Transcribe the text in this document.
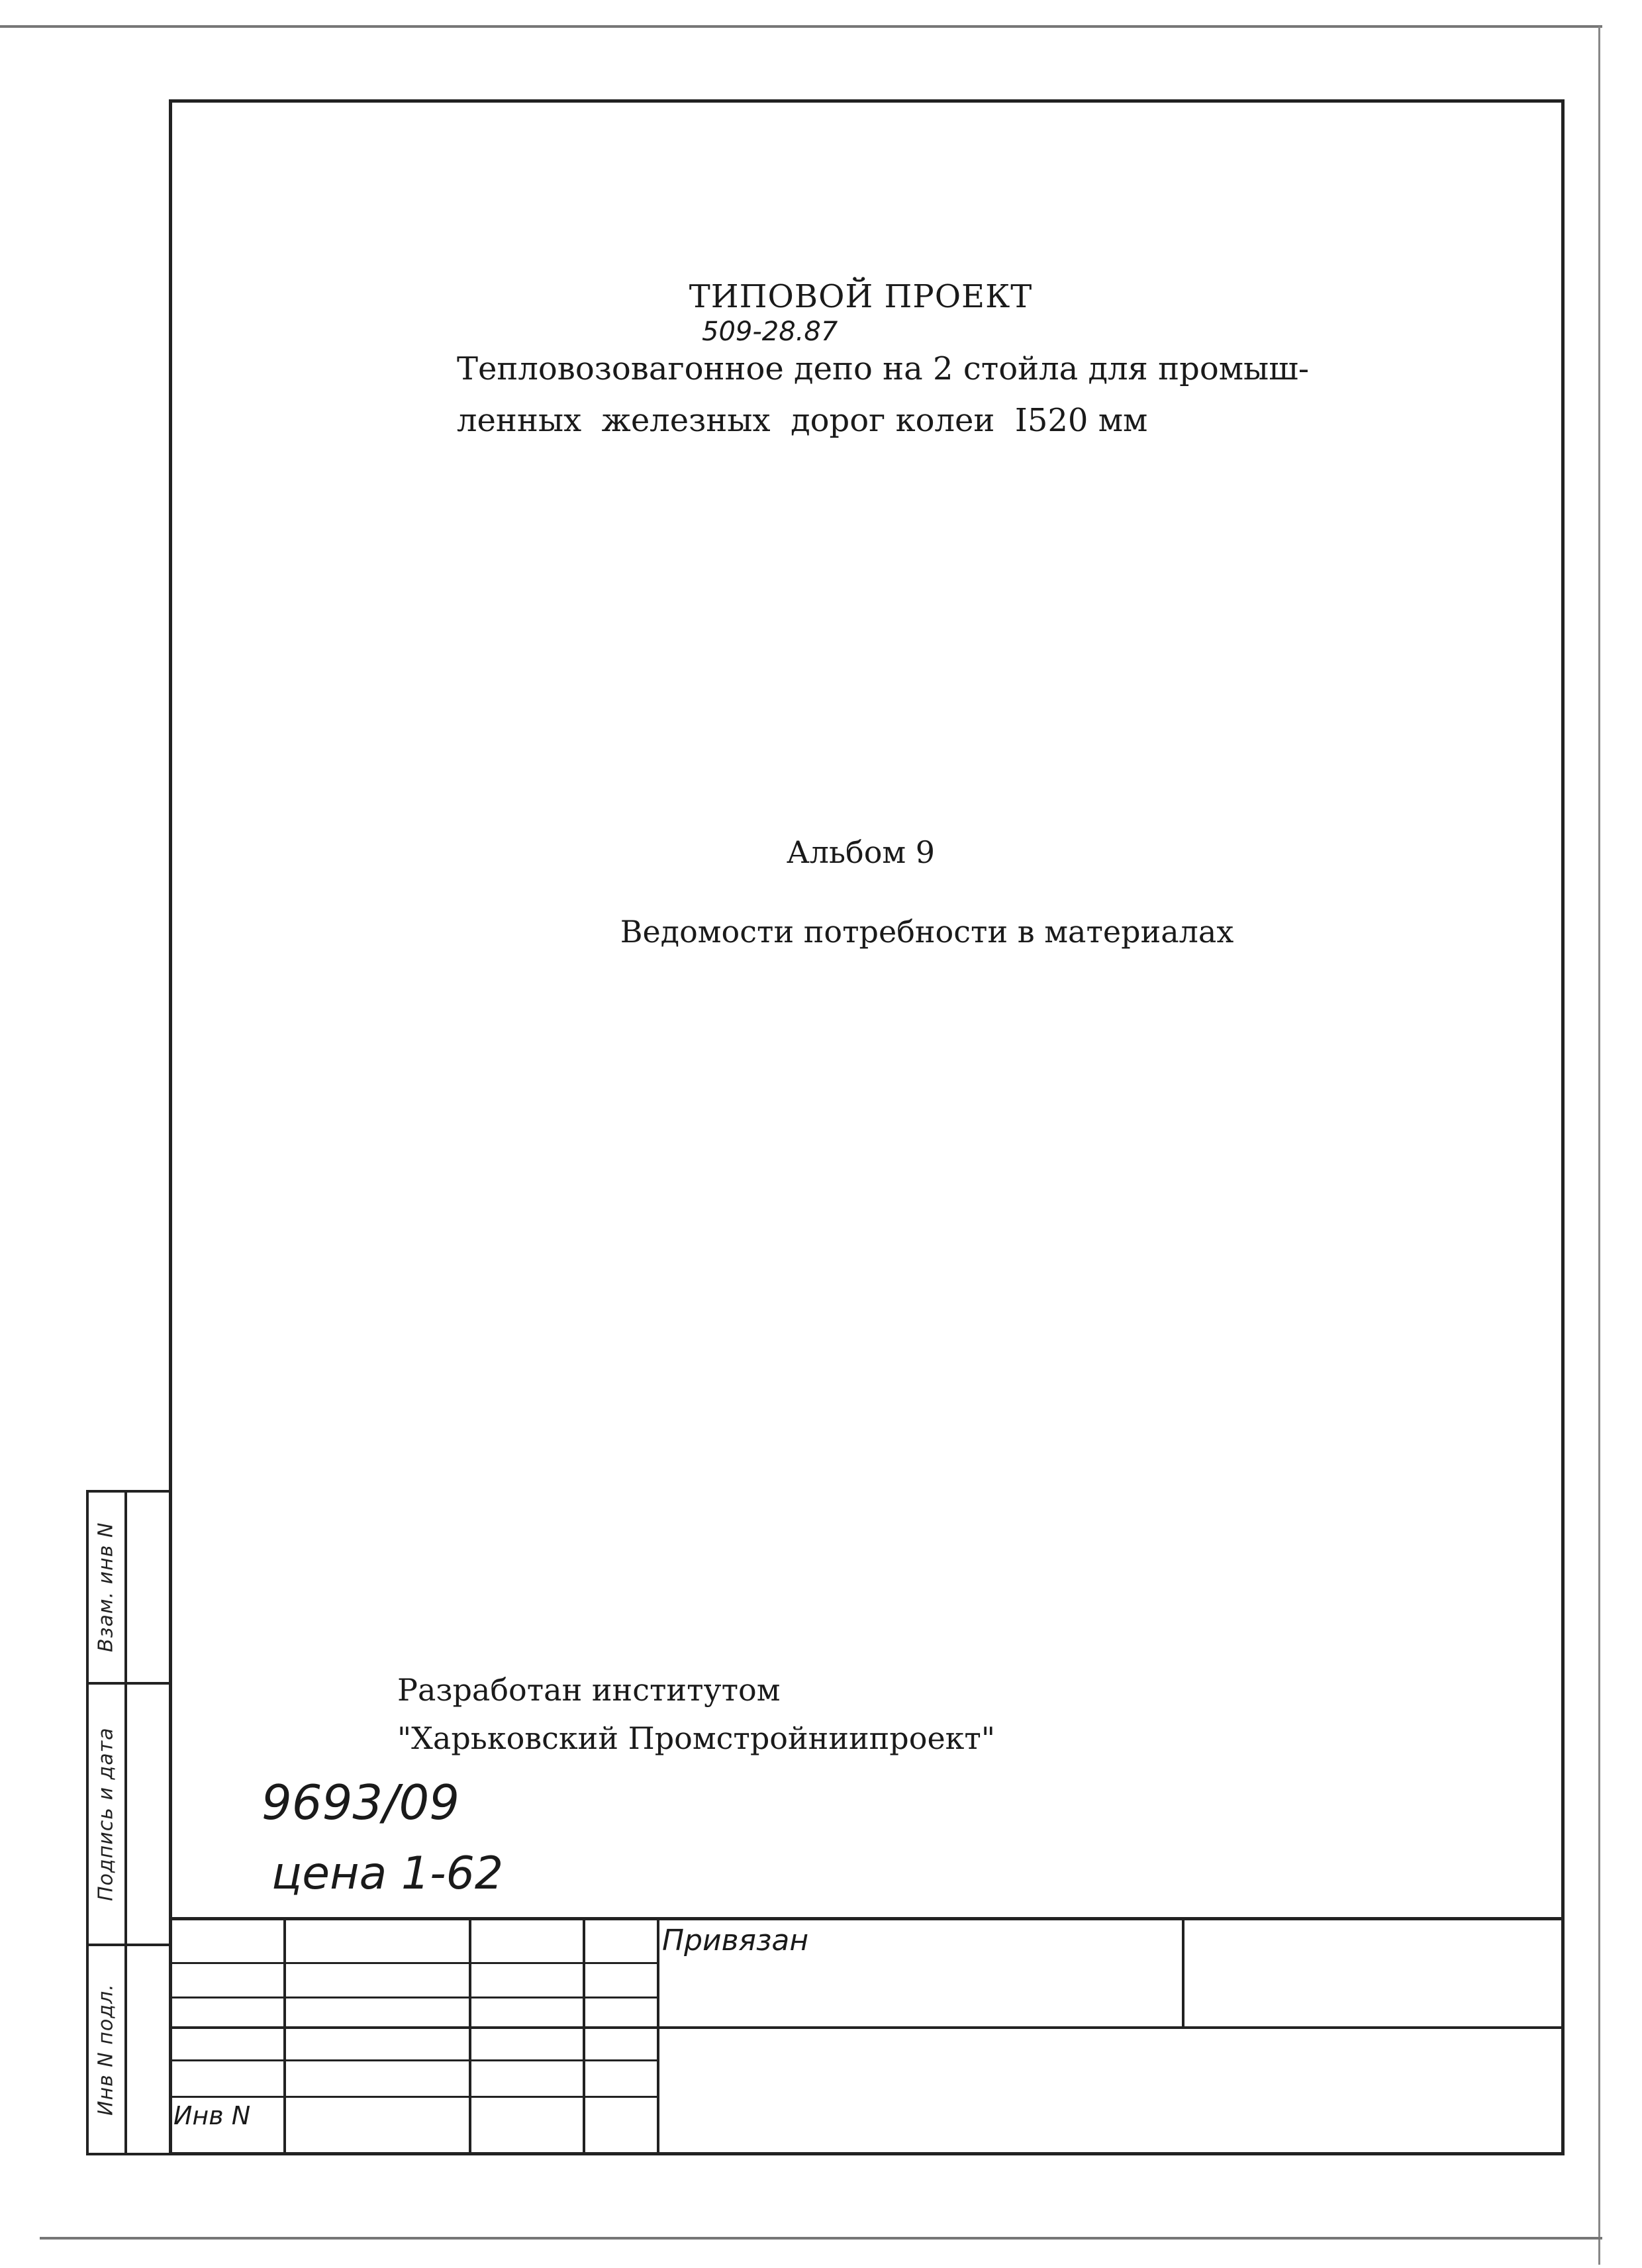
Взам. инв N
Подпись и дата
Инв N подл.
ТИПОВОЙ ПРОЕКТ
509-28.87
Тепловозовагонное депо на 2 стойла для промыш-
ленных  железных  дорог колеи  I520 мм
Альбом 9
Ведомости потребности в материалах
Разработан институтом
"Харьковский Промстройниипроект"
9693/09
цена 1-62
Привязан
Инв N
